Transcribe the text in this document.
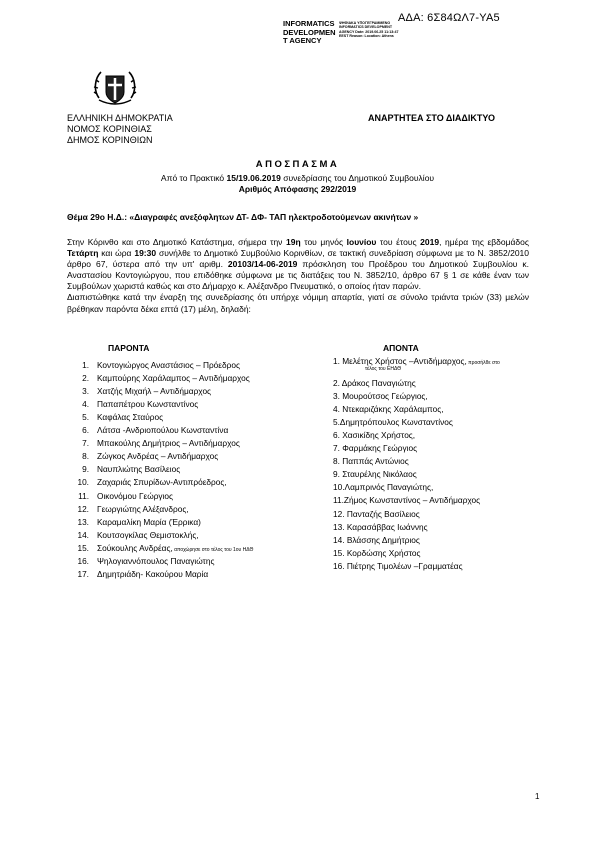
ΑΔΑ: 6Σ84ΩΛ7-ΥΑ5
INFORMATICS
DEVELOPMEN
T AGENCY
ΨΗΦΙΑΚΑ ΥΠΟΓΕΓΡΑΜΜΕΝΟ INFORMATICS DEVELOPMENT AGENCY Date: 2019.06.25 11:13:47 EEST Reason: Location: Athens
ΕΛΛΗΝΙΚΗ ΔΗΜΟΚΡΑΤΙΑ
ΝΟΜΟΣ ΚΟΡΙΝΘΙΑΣ
ΔΗΜΟΣ ΚΟΡΙΝΘΙΩΝ
ΑΝΑΡΤΗΤΕΑ ΣΤΟ ΔΙΑΔΙΚΤΥΟ
ΑΠΟΣΠΑΣΜΑ
Από το Πρακτικό 15/19.06.2019 συνεδρίασης του Δημοτικού Συμβουλίου
Αριθμός Απόφασης 292/2019
Θέμα 29ο Η.Δ.: «Διαγραφές ανεξόφλητων ΔΤ- ΔΦ- ΤΑΠ ηλεκτροδοτούμενων ακινήτων »
Στην Κόρινθο και στο Δημοτικό Κατάστημα, σήμερα την 19η του μηνός Ιουνίου του έτους 2019, ημέρα της εβδομάδος Τετάρτη και ώρα 19:30 συνήλθε το Δημοτικό Συμβούλιο Κορινθίων, σε τακτική συνεδρίαση σύμφωνα με το Ν. 3852/2010 άρθρο 67, ύστερα από την υπ' αριθμ. 20103/14-06-2019 πρόσκληση του Προέδρου του Δημοτικού Συμβουλίου κ. Αναστασίου Κοντογιώργου, που επιδόθηκε σύμφωνα με τις διατάξεις του Ν. 3852/10, άρθρο 67 § 1 σε κάθε έναν των Συμβούλων χωριστά καθώς και στο Δήμαρχο κ. Αλέξανδρο Πνευματικό, ο οποίος ήταν παρών.
Διαπιστώθηκε κατά την έναρξη της συνεδρίασης ότι υπήρχε νόμιμη απαρτία, γιατί σε σύνολο τριάντα τριών (33) μελών βρέθηκαν παρόντα δέκα επτά (17) μέλη, δηλαδή:
ΠΑΡΟΝΤΑ	ΑΠΟΝΤΑ
1. Κοντογιώργος Αναστάσιος – Πρόεδρος
2. Καμπούρης Χαράλαμπος – Αντιδήμαρχος
3. Χατζής Μιχαήλ – Αντιδήμαρχος
4. Παπαπέτρου Κωνσταντίνος
5. Καφάλας Σταύρος
6. Λάτσα -Ανδριοπούλου Κωνσταντίνα
7. Μπακούλης Δημήτριος – Αντιδήμαρχος
8. Ζώγκος Ανδρέας – Αντιδήμαρχος
9. Ναυπλιώτης Βασίλειος
10. Ζαχαριάς Σπυρίδων-Αντιπρόεδρος,
11. Οικονόμου Γεώργιος
12. Γεωργιώτης Αλέξανδρος,
13. Καραμαλίκη Μαρία (Έρρικα)
14. Κουτσογκίλας Θεμιστοκλής,
15. Σούκουλης Ανδρέας, αποχώρησε στο τέλος του 1ου ΗΔΘ
16. Ψηλογιαννόπουλος Παναγιώτης
17. Δημητριάδη- Κακούρου Μαρία
1. Μελέτης Χρήστος –Αντιδήμαρχος, προσήλθε στο
τέλος του ΕΗΔΘ
2. Δράκος Παναγιώτης
3. Μουρούτσος Γεώργιος,
4. Ντεκαριζάκης Χαράλαμπος,
5.Δημητρόπουλος Κωνσταντίνος
6. Χασικίδης Χρήστος,
7. Φαρμάκης Γεώργιος
8. Παππάς Αντώνιος
9. Σταυρέλης Νικόλαος
10.Λαμπρινός Παναγιώτης,
11.Ζήμος Κωνσταντίνος – Αντιδήμαρχος
12. Πανταζής Βασίλειος
13. Καρασάββας Ιωάννης
14. Βλάσσης Δημήτριος
15. Κορδώσης Χρήστος
16. Πιέτρης Τιμολέων –Γραμματέας
1
